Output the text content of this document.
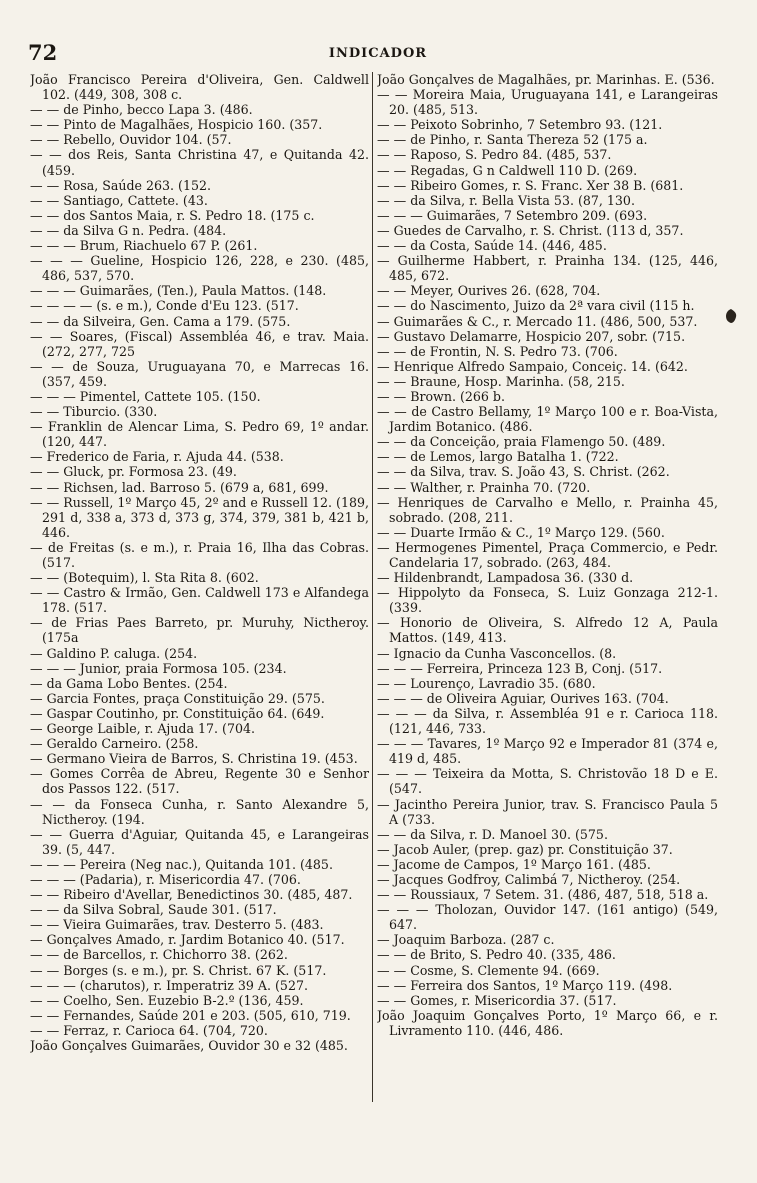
72	INDICADOR
João Francisco Pereira d'Oliveira, Gen. Caldwell 102. (449, 308, 308 c.
— — de Pinho, becco Lapa 3. (486.
— — Pinto de Magalhães, Hospicio 160. (357.
— — Rebello, Ouvidor 104. (57.
— — dos Reis, Santa Christina 47, e Quitanda 42. (459.
— — Rosa, Saúde 263. (152.
— — Santiago, Cattete. (43.
— — dos Santos Maia, r. S. Pedro 18. (175 c.
— — da Silva G n. Pedra. (484.
— — — Brum, Riachuelo 67 P. (261.
— — — Gueline, Hospicio 126, 228, e 230. (485, 486, 537, 570.
— — — Guimarães, (Ten.), Paula Mattos. (148.
— — — — (s. e m.), Conde d'Eu 123. (517.
— — da Silveira, Gen. Cama a 179. (575.
— — Soares, (Fiscal) Assembléa 46, e trav. Maia. (272, 277, 725
— — de Souza, Uruguayana 70, e Marrecas 16. (357, 459.
— — — Pimentel, Cattete 105. (150.
— — Tiburcio. (330.
— Franklin de Alencar Lima, S. Pedro 69, 1º andar. (120, 447.
— Frederico de Faria, r. Ajuda 44. (538.
— — Gluck, pr. Formosa 23. (49.
— — Richsen, lad. Barroso 5. (679 a, 681, 699.
— — Russell, 1º Março 45, 2º and e Russell 12. (189, 291 d, 338 a, 373 d, 373 g, 374, 379, 381 b, 421 b, 446.
— de Freitas (s. e m.), r. Praia 16, Ilha das Cobras. (517.
— — (Botequim), l. Sta Rita 8. (602.
— — Castro & Irmão, Gen. Caldwell 173 e Alfandega 178. (517.
— de Frias Paes Barreto, pr. Muruhy, Nictheroy. (175a
— Galdino P. caluga. (254.
— — — Junior, praia Formosa 105. (234.
— da Gama Lobo Bentes. (254.
— Garcia Fontes, praça Constituição 29. (575.
— Gaspar Coutinho, pr. Constituição 64. (649.
— George Laible, r. Ajuda 17. (704.
— Geraldo Carneiro. (258.
— Germano Vieira de Barros, S. Christina 19. (453.
— Gomes Corrêa de Abreu, Regente 30 e Senhor dos Passos 122. (517.
— — da Fonseca Cunha, r. Santo Alexandre 5, Nictheroy. (194.
— — Guerra d'Aguiar, Quitanda 45, e Larangeiras 39. (5, 447.
— — — Pereira (Neg nac.), Quitanda 101. (485.
— — — (Padaria), r. Misericordia 47. (706.
— — Ribeiro d'Avellar, Benedictinos 30. (485, 487.
— — da Silva Sobral, Saude 301. (517.
— — Vieira Guimarães, trav. Desterro 5. (483.
— Gonçalves Amado, r. Jardim Botanico 40. (517.
— — de Barcellos, r. Chichorro 38. (262.
— — Borges (s. e m.), pr. S. Christ. 67 K. (517.
— — — (charutos), r. Imperatriz 39 A. (527.
— — Coelho, Sen. Euzebio B-2.º (136, 459.
— — Fernandes, Saúde 201 e 203. (505, 610, 719.
— — Ferraz, r. Carioca 64. (704, 720.
João Gonçalves Guimarães, Ouvidor 30 e 32 (485.
João Gonçalves de Magalhães, pr. Marinhas. E. (536.
— — Moreira Maia, Uruguayana 141, e Larangeiras 20. (485, 513.
— — Peixoto Sobrinho, 7 Setembro 93. (121.
— — de Pinho, r. Santa Thereza 52 (175 a.
— — Raposo, S. Pedro 84. (485, 537.
— — Regadas, G n Caldwell 110 D. (269.
— — Ribeiro Gomes, r. S. Franc. Xer 38 B. (681.
— — da Silva, r. Bella Vista 53. (87, 130.
— — — Guimarães, 7 Setembro 209. (693.
— Guedes de Carvalho, r. S. Christ. (113 d, 357.
— — da Costa, Saúde 14. (446, 485.
— Guilherme Habbert, r. Prainha 134. (125, 446, 485, 672.
— — Meyer, Ourives 26. (628, 704.
— — do Nascimento, Juizo da 2ª vara civil (115 h.
— Guimarães & C., r. Mercado 11. (486, 500, 537.
— Gustavo Delamarre, Hospicio 207, sobr. (715.
— — de Frontin, N. S. Pedro 73. (706.
— Henrique Alfredo Sampaio, Conceiç. 14. (642.
— — Braune, Hosp. Marinha. (58, 215.
— — Brown. (266 b.
— — de Castro Bellamy, 1º Março 100 e r. Boa-Vista, Jardim Botanico. (486.
— — da Conceição, praia Flamengo 50. (489.
— — de Lemos, largo Batalha 1. (722.
— — da Silva, trav. S. João 43, S. Christ. (262.
— — Walther, r. Prainha 70. (720.
— Henriques de Carvalho e Mello, r. Prainha 45, sobrado. (208, 211.
— — Duarte Irmão & C., 1º Março 129. (560.
— Hermogenes Pimentel, Praça Commercio, e Pedr. Candelaria 17, sobrado. (263, 484.
— Hildenbrandt, Lampadosa 36. (330 d.
— Hippolyto da Fonseca, S. Luiz Gonzaga 212-1. (339.
— Honorio de Oliveira, S. Alfredo 12 A, Paula Mattos. (149, 413.
— Ignacio da Cunha Vasconcellos. (8.
— — — Ferreira, Princeza 123 B, Conj. (517.
— — Lourenço, Lavradio 35. (680.
— — — de Oliveira Aguiar, Ourives 163. (704.
— — — da Silva, r. Assembléa 91 e r. Carioca 118. (121, 446, 733.
— — — Tavares, 1º Março 92 e Imperador 81 (374 e, 419 d, 485.
— — — Teixeira da Motta, S. Christovão 18 D e E. (547.
— Jacintho Pereira Junior, trav. S. Francisco Paula 5 A (733.
— — da Silva, r. D. Manoel 30. (575.
— Jacob Auler, (prep. gaz) pr. Constituição 37.
— Jacome de Campos, 1º Março 161. (485.
— Jacques Godfroy, Calimbá 7, Nictheroy. (254.
— — Roussiaux, 7 Setem. 31. (486, 487, 518, 518 a.
— — — Tholozan, Ouvidor 147. (161 antigo) (549, 647.
— Joaquim Barboza. (287 c.
— — de Brito, S. Pedro 40. (335, 486.
— — Cosme, S. Clemente 94. (669.
— — Ferreira dos Santos, 1º Março 119. (498.
— — Gomes, r. Misericordia 37. (517.
João Joaquim Gonçalves Porto, 1º Março 66, e r. Livramento 110. (446, 486.
